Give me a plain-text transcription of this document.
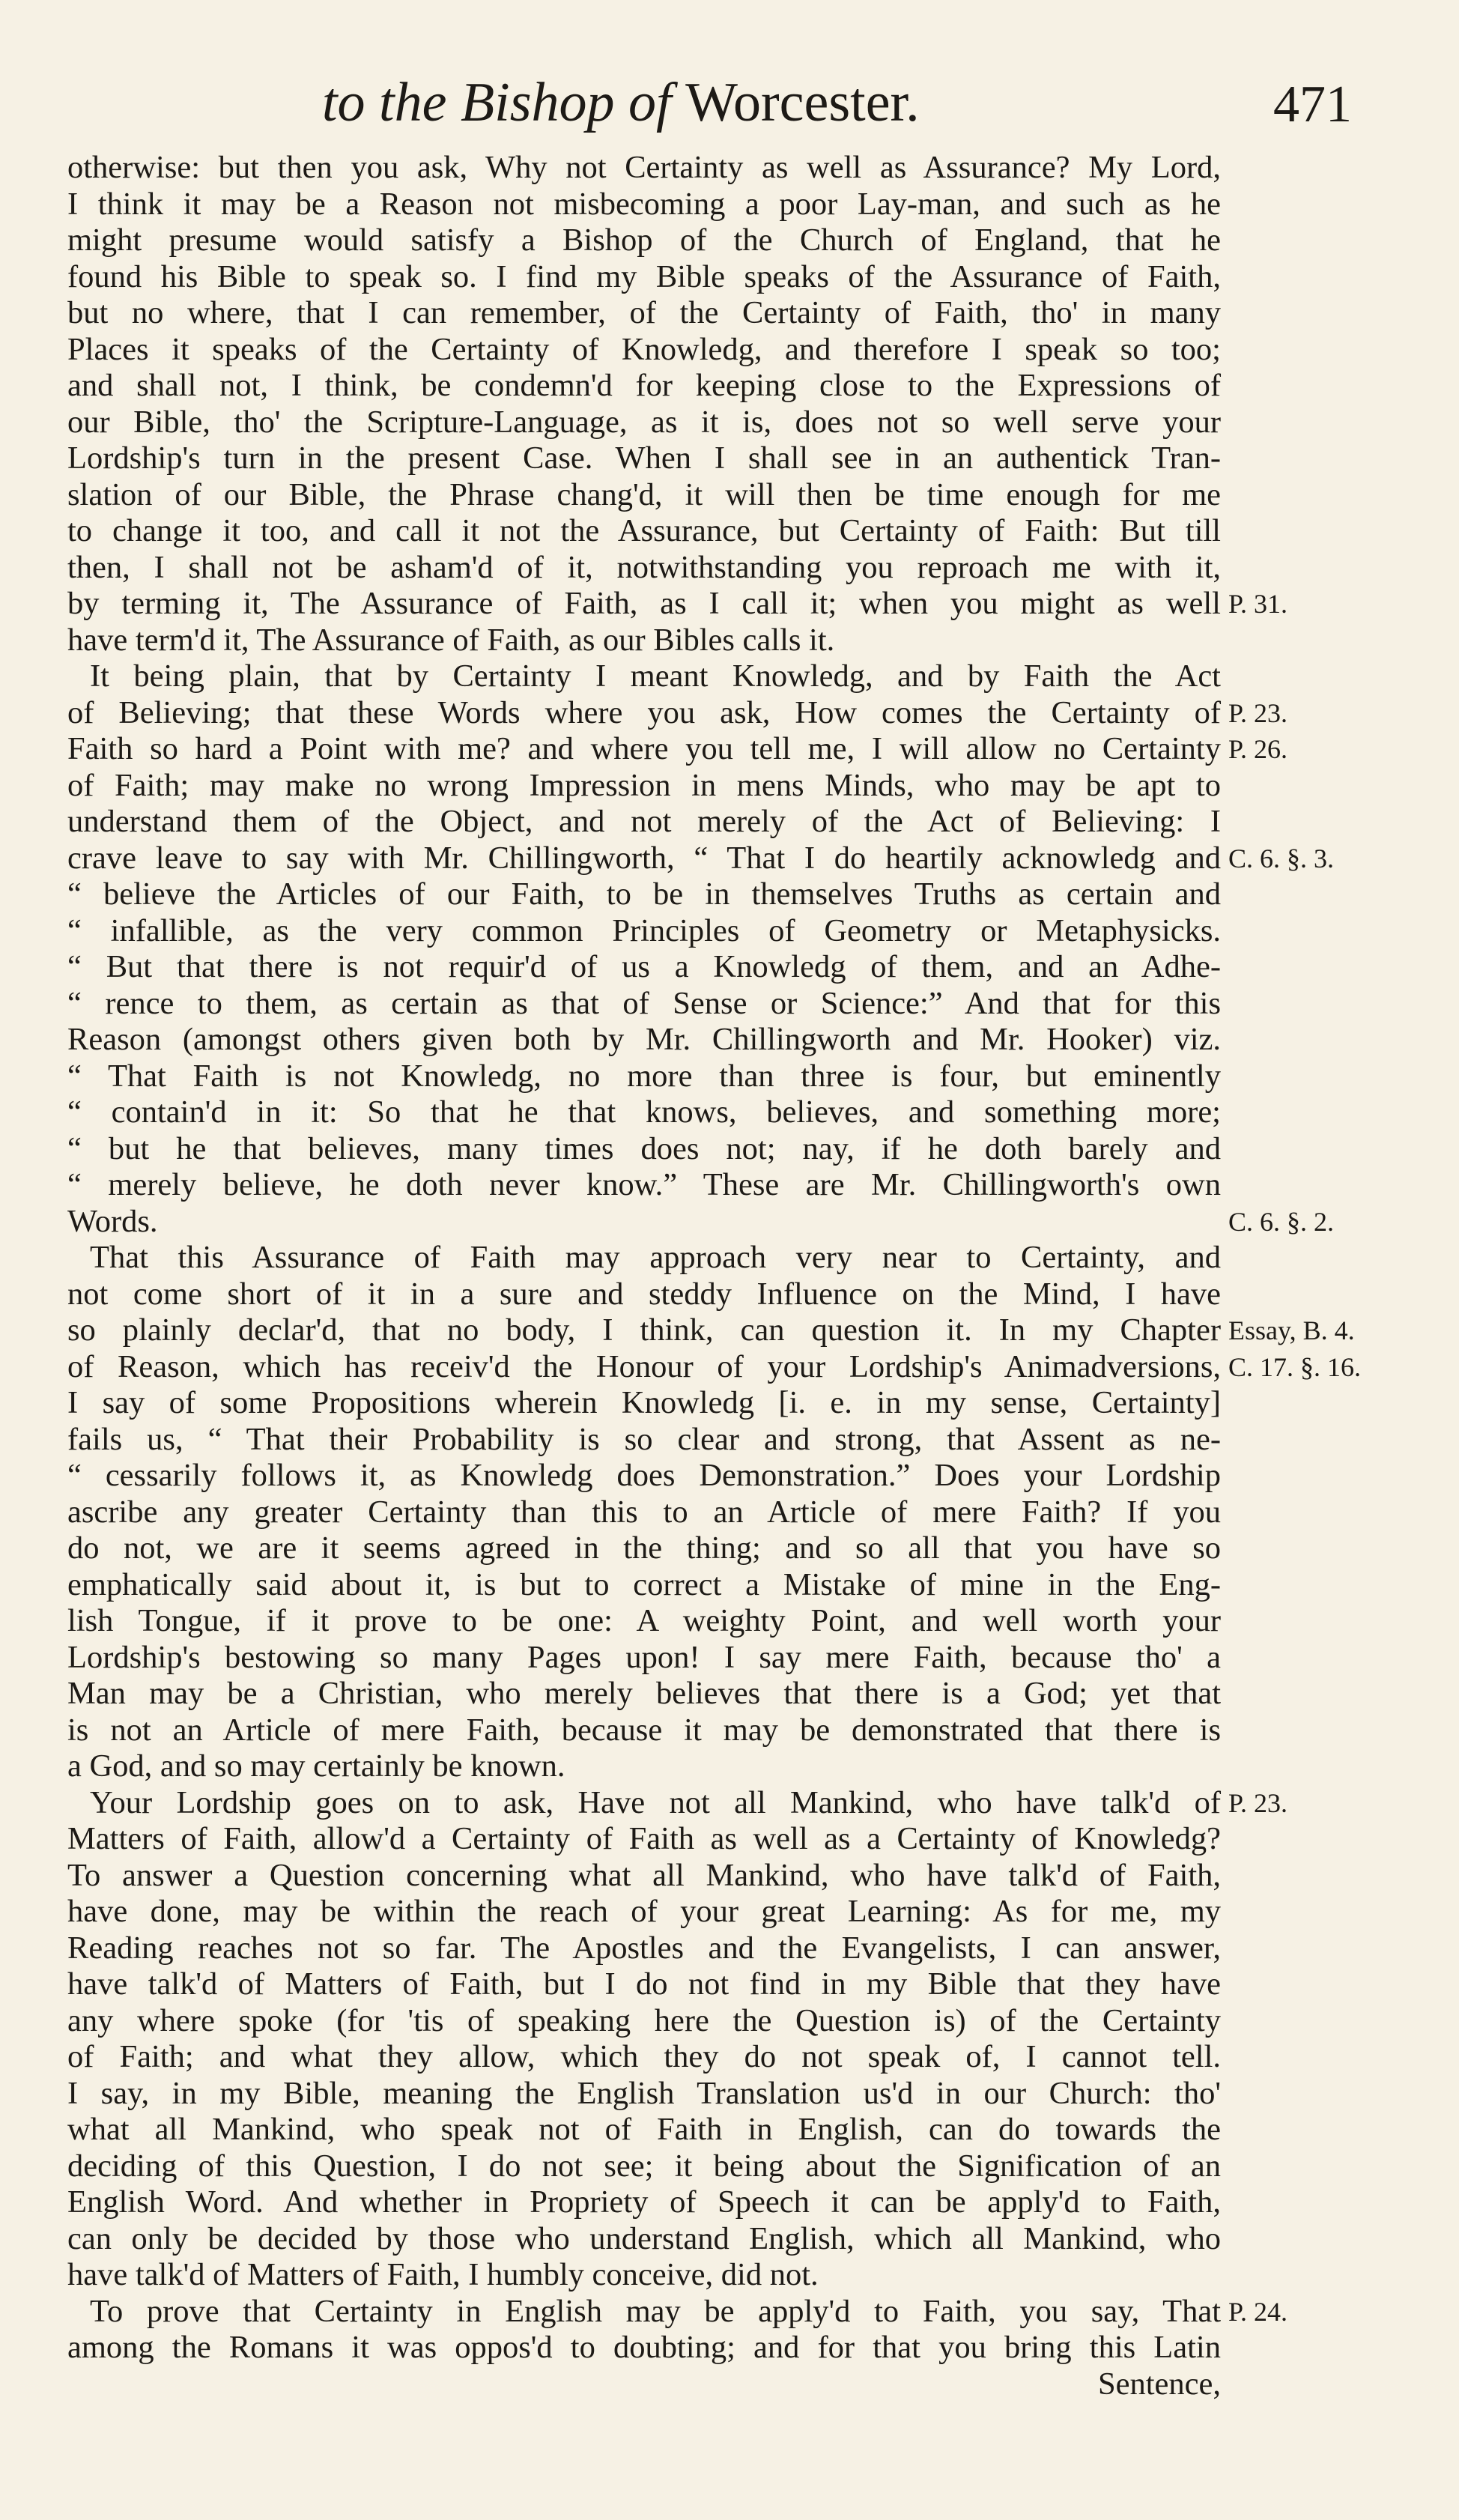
to the Bishop of Worcester.	471
otherwise: but then you ask, Why not Certainty as well as Assurance? My Lord,
I think it may be a Reason not misbecoming a poor Lay-man, and such as he
might presume would satisfy a Bishop of the Church of England, that he
found his Bible to speak so. I find my Bible speaks of the Assurance of Faith,
but no where, that I can remember, of the Certainty of Faith, tho' in many
Places it speaks of the Certainty of Knowledg, and therefore I speak so too;
and shall not, I think, be condemn'd for keeping close to the Expressions of
our Bible, tho' the Scripture-Language, as it is, does not so well serve your
Lordship's turn in the present Case. When I shall see in an authentick Tran-
slation of our Bible, the Phrase chang'd, it will then be time enough for me
to change it too, and call it not the Assurance, but Certainty of Faith: But till
then, I shall not be asham'd of it, notwithstanding you reproach me with it,
by terming it, The Assurance of Faith, as I call it; when you might as well
have term'd it, The Assurance of Faith, as our Bibles calls it.
It being plain, that by Certainty I meant Knowledg, and by Faith the Act
of Believing; that these Words where you ask, How comes the Certainty of
Faith so hard a Point with me? and where you tell me, I will allow no Certainty
of Faith; may make no wrong Impression in mens Minds, who may be apt to
understand them of the Object, and not merely of the Act of Believing: I
crave leave to say with Mr. Chillingworth, “ That I do heartily acknowledg and
“ believe the Articles of our Faith, to be in themselves Truths as certain and
“ infallible, as the very common Principles of Geometry or Metaphysicks.
“ But that there is not requir'd of us a Knowledg of them, and an Adhe-
“ rence to them, as certain as that of Sense or Science:” And that for this
Reason (amongst others given both by Mr. Chillingworth and Mr. Hooker) viz.
“ That Faith is not Knowledg, no more than three is four, but eminently
“ contain'd in it: So that he that knows, believes, and something more;
“ but he that believes, many times does not; nay, if he doth barely and
“ merely believe, he doth never know.” These are Mr. Chillingworth's own
Words.
That this Assurance of Faith may approach very near to Certainty, and
not come short of it in a sure and steddy Influence on the Mind, I have
so plainly declar'd, that no body, I think, can question it. In my Chapter
of Reason, which has receiv'd the Honour of your Lordship's Animadversions,
I say of some Propositions wherein Knowledg [i. e. in my sense, Certainty]
fails us, “ That their Probability is so clear and strong, that Assent as ne-
“ cessarily follows it, as Knowledg does Demonstration.” Does your Lordship
ascribe any greater Certainty than this to an Article of mere Faith? If you
do not, we are it seems agreed in the thing; and so all that you have so
emphatically said about it, is but to correct a Mistake of mine in the Eng-
lish Tongue, if it prove to be one: A weighty Point, and well worth your
Lordship's bestowing so many Pages upon! I say mere Faith, because tho' a
Man may be a Christian, who merely believes that there is a God; yet that
is not an Article of mere Faith, because it may be demonstrated that there is
a God, and so may certainly be known.
Your Lordship goes on to ask, Have not all Mankind, who have talk'd of
Matters of Faith, allow'd a Certainty of Faith as well as a Certainty of Knowledg?
To answer a Question concerning what all Mankind, who have talk'd of Faith,
have done, may be within the reach of your great Learning: As for me, my
Reading reaches not so far. The Apostles and the Evangelists, I can answer,
have talk'd of Matters of Faith, but I do not find in my Bible that they have
any where spoke (for 'tis of speaking here the Question is) of the Certainty
of Faith; and what they allow, which they do not speak of, I cannot tell.
I say, in my Bible, meaning the English Translation us'd in our Church: tho'
what all Mankind, who speak not of Faith in English, can do towards the
deciding of this Question, I do not see; it being about the Signification of an
English Word. And whether in Propriety of Speech it can be apply'd to Faith,
can only be decided by those who understand English, which all Mankind, who
have talk'd of Matters of Faith, I humbly conceive, did not.
To prove that Certainty in English may be apply'd to Faith, you say, That
among the Romans it was oppos'd to doubting; and for that you bring this Latin
Sentence,
P. 31.
P. 23.
P. 26.
C. 6. §. 3.
C. 6. §. 2.
Essay, B. 4.
C. 17. §. 16.
P. 23.
P. 24.
